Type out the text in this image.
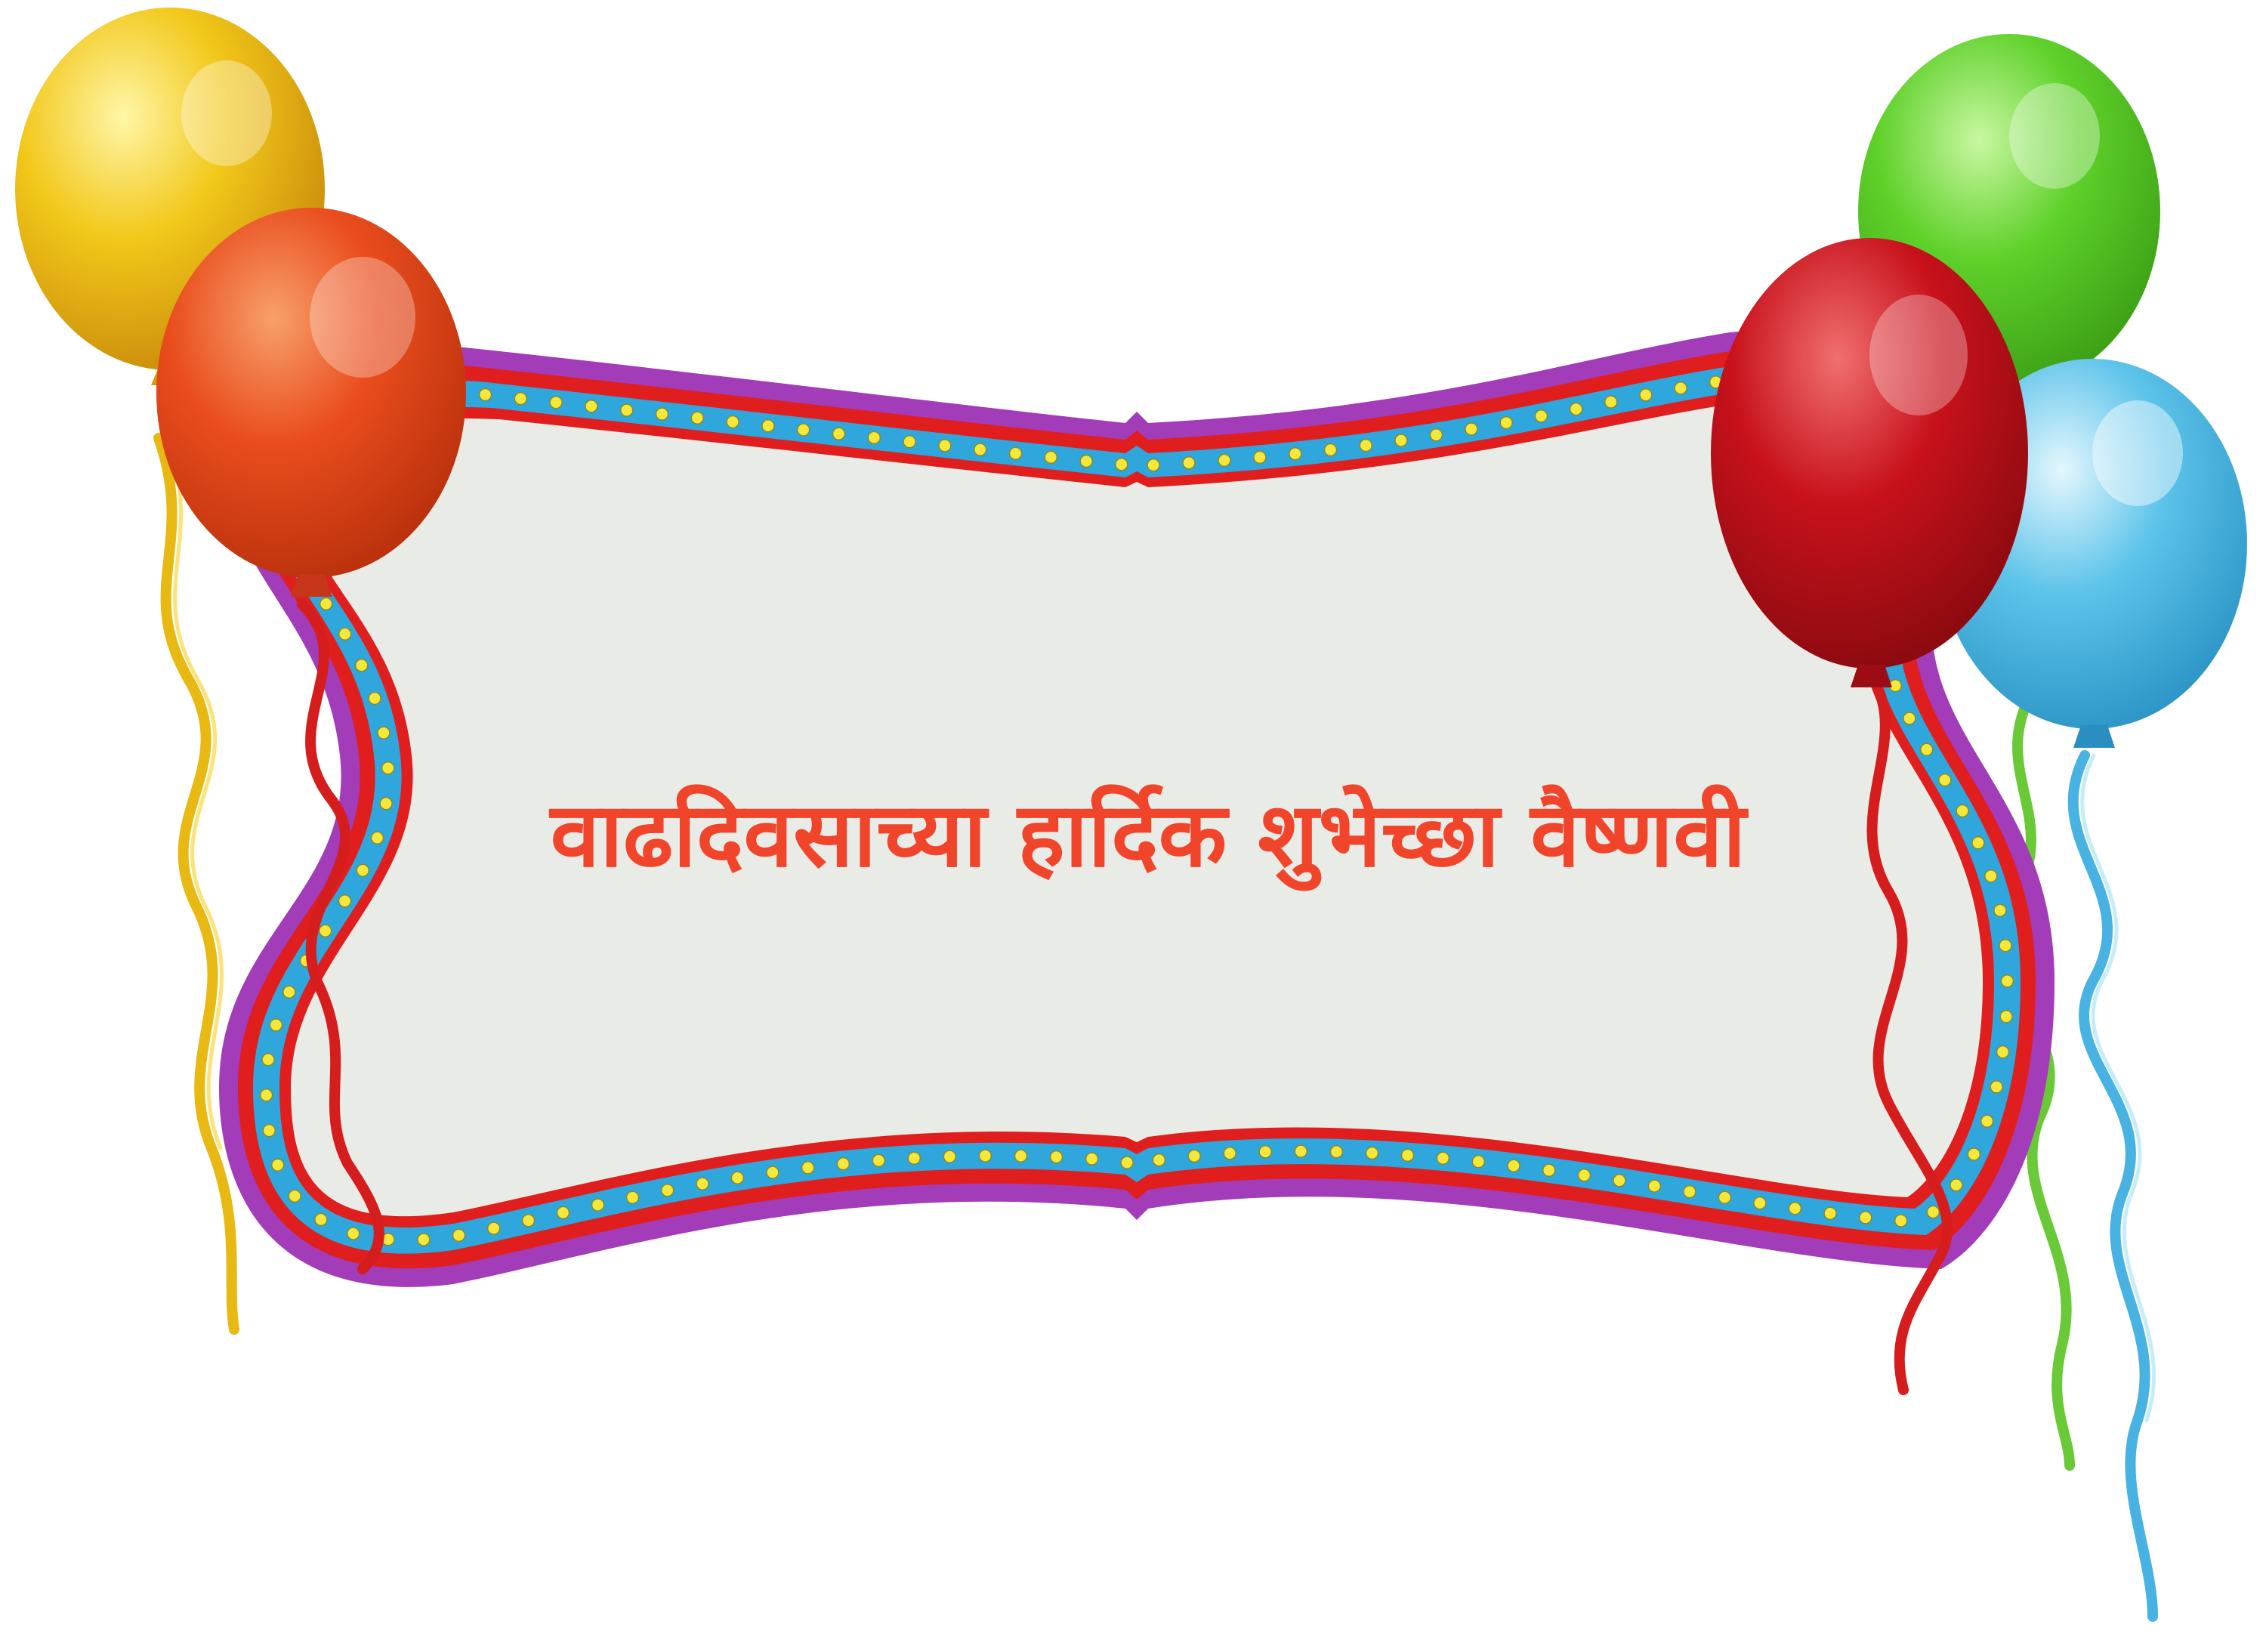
वाढदिवसाच्या हार्दिक शुभेच्छा वैष्णवी
